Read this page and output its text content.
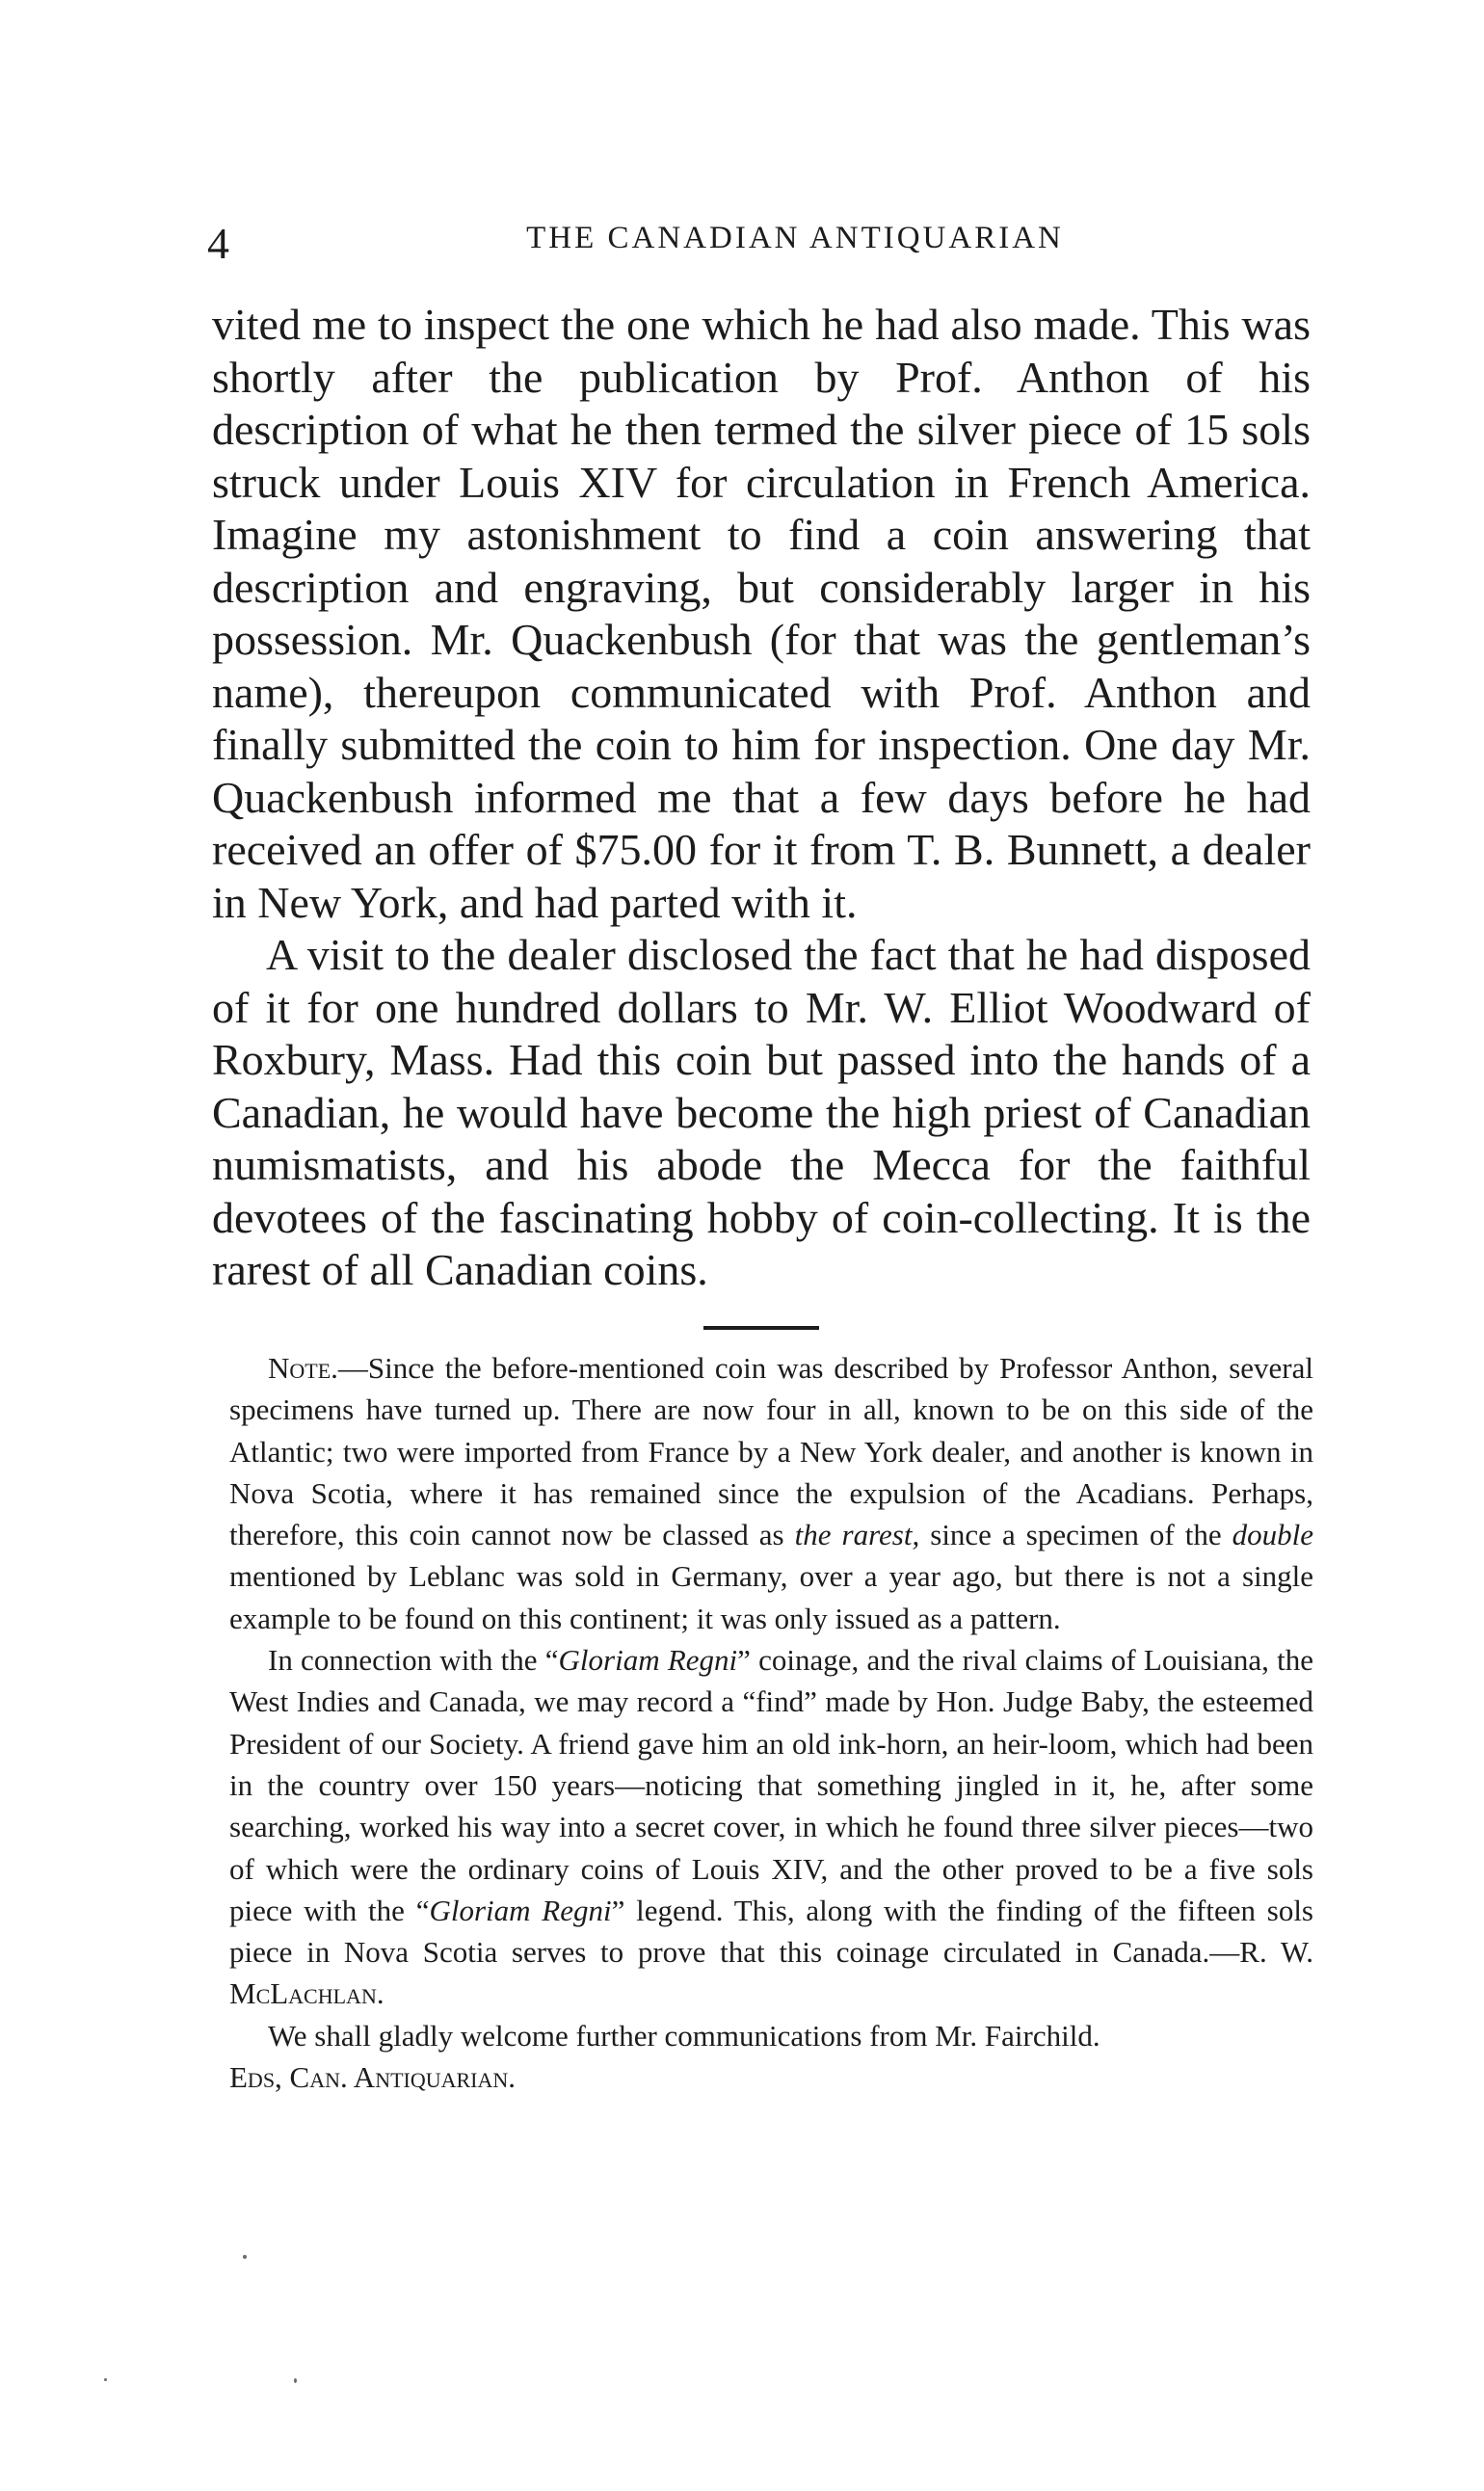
4	THE CANADIAN ANTIQUARIAN

vited me to inspect the one which he had also made. This was shortly after the publication by Prof. Anthon of his description of what he then termed the silver piece of 15 sols struck under Louis XIV for circulation in French America. Imagine my astonishment to find a coin answering that description and engraving, but considerably larger in his possession. Mr. Quackenbush (for that was the gentleman’s name), thereupon communicated with Prof. Anthon and finally submitted the coin to him for inspection. One day Mr. Quackenbush informed me that a few days before he had received an offer of $75.00 for it from T. B. Bunnett, a dealer in New York, and had parted with it.

A visit to the dealer disclosed the fact that he had disposed of it for one hundred dollars to Mr. W. Elliot Woodward of Roxbury, Mass. Had this coin but passed into the hands of a Canadian, he would have become the high priest of Canadian numismatists, and his abode the Mecca for the faithful devotees of the fascinating hobby of coin-collecting. It is the rarest of all Canadian coins.

Note.—Since the before-mentioned coin was described by Professor Anthon, several specimens have turned up. There are now four in all, known to be on this side of the Atlantic; two were imported from France by a New York dealer, and another is known in Nova Scotia, where it has remained since the expulsion of the Acadians. Perhaps, therefore, this coin cannot now be classed as the rarest, since a specimen of the double mentioned by Leblanc was sold in Germany, over a year ago, but there is not a single example to be found on this continent; it was only issued as a pattern.

In connection with the “Gloriam Regni” coinage, and the rival claims of Louisiana, the West Indies and Canada, we may record a “find” made by Hon. Judge Baby, the esteemed President of our Society. A friend gave him an old ink-horn, an heir-loom, which had been in the country over 150 years—noticing that something jingled in it, he, after some searching, worked his way into a secret cover, in which he found three silver pieces—two of which were the ordinary coins of Louis XIV, and the other proved to be a five sols piece with the “Gloriam Regni” legend. This, along with the finding of the fifteen sols piece in Nova Scotia serves to prove that this coinage circulated in Canada.—R. W. McLachlan.

We shall gladly welcome further communications from Mr. Fairchild.

Eds, Can. Antiquarian.
